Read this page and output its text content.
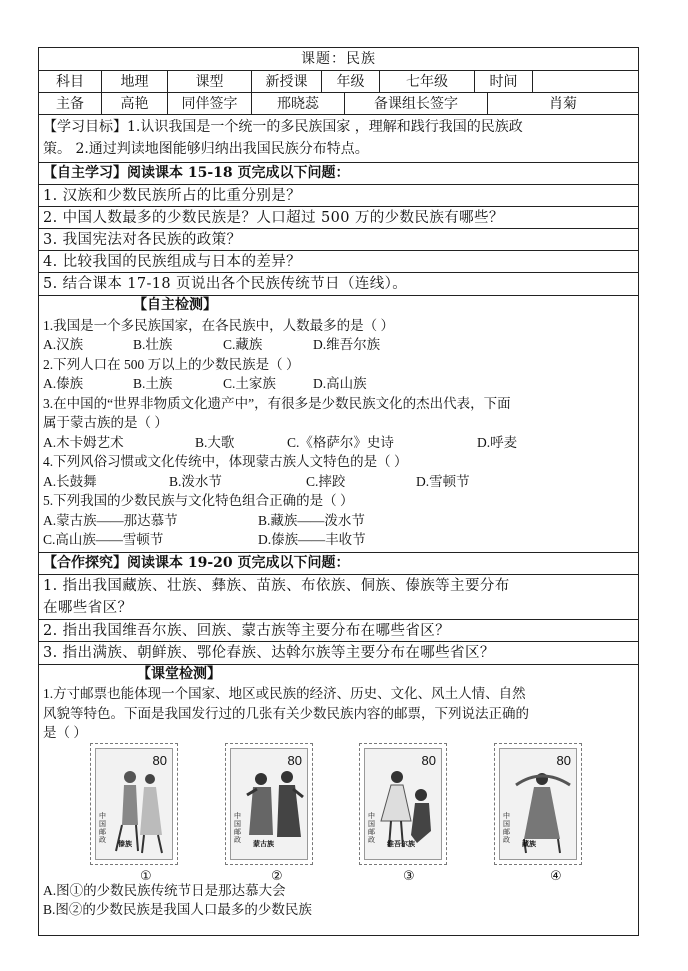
课题：民族
科目	地理	课型	新授课	年级	七年级	时间
主备	高艳	同伴签字	邢晓蕊	备课组长签字	肖菊
【学习目标】1.认识我国是一个统一的多民族国家 ，理解和践行我国的民族政
策。 2.通过判读地图能够归纳出我国民族分布特点。
【自主学习】阅读课本 15-18 页完成以下问题：
1. 汉族和少数民族所占的比重分别是？
2. 中国人数最多的少数民族是？人口超过 500 万的少数民族有哪些？
3. 我国宪法对各民族的政策？
4. 比较我国的民族组成与日本的差异？
5. 结合课本 17-18 页说出各个民族传统节日（连线）。
【自主检测】
1.我国是一个多民族国家，在各民族中，人数最多的是（ ）
A.汉族	B.壮族	C.藏族	D.维吾尔族
2.下列人口在 500 万以上的少数民族是（ ）
A.傣族	B.土族	C.土家族	D.高山族
3.在中国的“世界非物质文化遗产中”，有很多是少数民族文化的杰出代表，下面
属于蒙古族的是（ ）
A.木卡姆艺术	B.大歌	C.《格萨尔》史诗	D.呼麦
4.下列风俗习惯或文化传统中，体现蒙古族人文特色的是（ ）
A.长鼓舞	B.泼水节	C.摔跤	D.雪顿节
5.下列我国的少数民族与文化特色组合正确的是（ ）
A.蒙古族——那达慕节	B.藏族——泼水节
C.高山族——雪顿节	D.傣族——丰收节
【合作探究】阅读课本 19-20 页完成以下问题：
1. 指出我国藏族、壮族、彝族、苗族、布依族、侗族、傣族等主要分布
在哪些省区？
2. 指出我国维吾尔族、回族、蒙古族等主要分布在哪些省区？
3. 指出满族、朝鲜族、鄂伦春族、达斡尔族等主要分布在哪些省区？
【课堂检测】
1.方寸邮票也能体现一个国家、地区或民族的经济、历史、文化、风土人情、自然
风貌等特色。下面是我国发行过的几张有关少数民族内容的邮票，下列说法正确的
是（ ）
80
中国邮政
傣族
80
中国邮政
蒙古族
80
中国邮政
维吾尔族
80
中国邮政
藏族
①	②	③	④
A.图①的少数民族传统节日是那达慕大会
B.图②的少数民族是我国人口最多的少数民族
